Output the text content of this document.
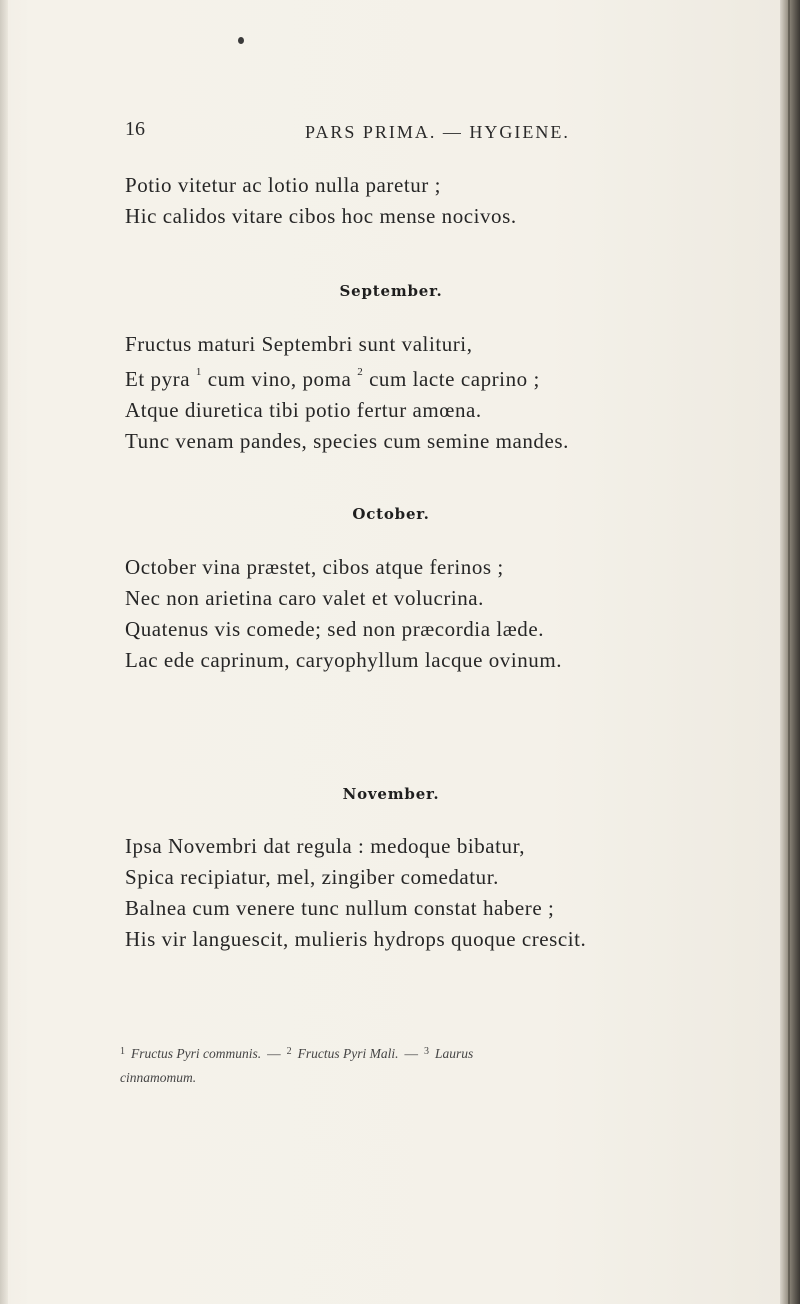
16	PARS PRIMA. — HYGIENE.
Potio vitetur ac lotio nulla paretur ;
Hic calidos vitare cibos hoc mense nocivos.
September.
Fructus maturi Septembri sunt valituri,
Et pyra $^1$ cum vino, poma $^2$ cum lacte caprino ;
Atque diuretica tibi potio fertur amœna.
Tunc venam pandes, species cum semine mandes.
October.
October vina præstet, cibos atque ferinos ;
Nec non arietina caro valet et volucrina.
Quatenus vis comede; sed non præcordia læde.
Lac ede caprinum, caryophyllum lacque ovinum.
November.
Ipsa Novembri dat regula : medoque bibatur,
Spica recipiatur, mel, zingiber comedatur.
Balnea cum venere tunc nullum constat habere ;
His vir languescit, mulieris hydrops quoque crescit.
$^1$ Fructus Pyri communis. — $^2$ Fructus Pyri Mali. — $^3$ Laurus
cinnamomum.
